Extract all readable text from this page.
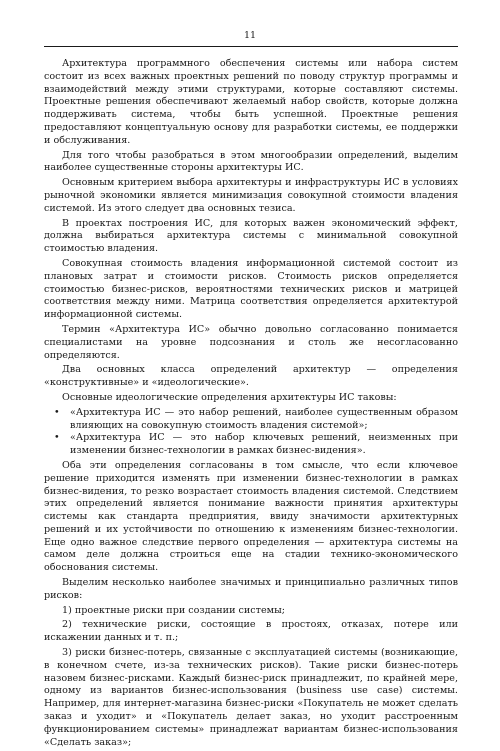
11

Архитектура программного обеспечения системы или набора систем состоит из всех важных проектных решений по поводу структур программы и взаимодействий между этими структурами, которые составляют системы. Проектные решения обеспечивают желаемый набор свойств, которые должна поддерживать система, чтобы быть успешной. Проектные решения предоставляют концептуальную основу для разработки системы, ее поддержки и обслуживания.

Для того чтобы разобраться в этом многообразии определений, выделим наиболее существенные стороны архитектуры ИС.

Основным критерием выбора архитектуры и инфраструктуры ИС в условиях рыночной экономики является минимизация совокупной стоимости владения системой. Из этого следует два основных тезиса.

В проектах построения ИС, для которых важен экономический эффект, должна выбираться архитектура системы с минимальной совокупной стоимостью владения.

Совокупная стоимость владения информационной системой состоит из плановых затрат и стоимости рисков. Стоимость рисков определяется стоимостью бизнес-рисков, вероятностями технических рисков и матрицей соответствия между ними. Матрица соответствия определяется архитектурой информационной системы.

Термин «Архитектура ИС» обычно довольно согласованно понимается специалистами на уровне подсознания и столь же несогласованно определяются.

Два основных класса определений архитектур — определения «конструктивные» и «идеологические».

Основные идеологические определения архитектуры ИС таковы:

• «Архитектура ИС — это набор решений, наиболее существенным образом влияющих на совокупную стоимость владения системой»;
• «Архитектура ИС — это набор ключевых решений, неизменных при изменении бизнес-технологии в рамках бизнес-видения».

Оба эти определения согласованы в том смысле, что если ключевое решение приходится изменять при изменении бизнес-технологии в рамках бизнес-видения, то резко возрастает стоимость владения системой. Следствием этих определений является понимание важности принятия архитектуры системы как стандарта предприятия, ввиду значимости архитектурных решений и их устойчивости по отношению к изменениям бизнес-технологии. Еще одно важное следствие первого определения — архитектура системы на самом деле должна строиться еще на стадии технико-экономического обоснования системы.

Выделим несколько наиболее значимых и принципиально различных типов рисков:

1) проектные риски при создании системы;

2) технические риски, состоящие в простоях, отказах, потере или искажении данных и т. п.;

3) риски бизнес-потерь, связанные с эксплуатацией системы (возникающие, в конечном счете, из-за технических рисков). Такие риски бизнес-потерь назовем бизнес-рисками. Каждый бизнес-риск принадлежит, по крайней мере, одному из вариантов бизнес-использования (business use case) системы. Например, для интернет-магазина бизнес-риски «Покупатель не может сделать заказ и уходит» и «Покупатель делает заказ, но уходит расстроенным функционированием системы» принадлежат вариантам бизнес-использования «Сделать заказ»;
